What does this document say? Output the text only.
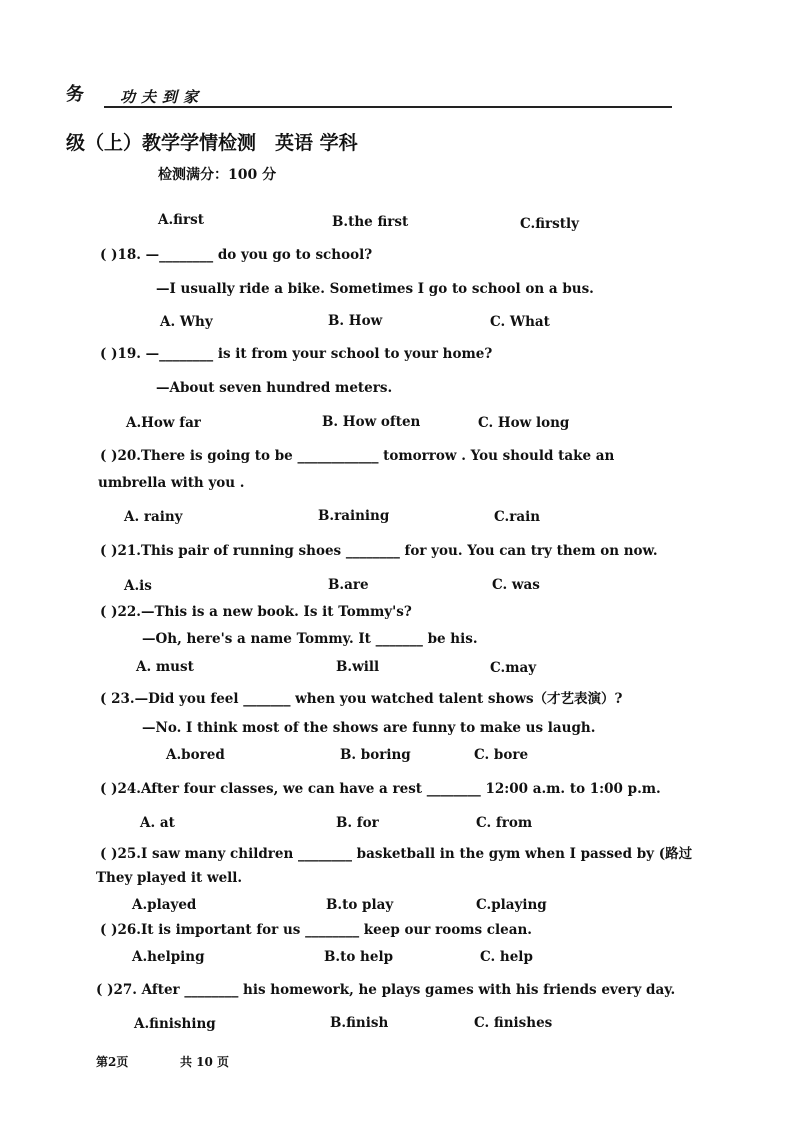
务 功夫到家
级（上）教学学情检测　英语 学科
检测满分：100 分
A.first	B.the first	C.firstly
( )18. —________ do you go to school?
—I usually ride a bike. Sometimes I go to school on a bus.
A. Why	B. How	C. What
( )19. —________ is it from your school to your home?
—About seven hundred meters.
A.How far	B. How often	C. How long
( )20.There is going to be ____________ tomorrow . You should take an
umbrella with you .
A. rainy	B.raining	C.rain
( )21.This pair of running shoes ________ for you. You can try them on now.
A.is	B.are	C. was
( )22.—This is a new book. Is it Tommy's?
—Oh, here's a name Tommy. It _______ be his.
A. must	B.will	C.may
( 23.—Did you feel _______ when you watched talent shows（才艺表演）?
—No. I think most of the shows are funny to make us laugh.
A.bored	B. boring	C. bore
( )24.After four classes, we can have a rest ________ 12:00 a.m. to 1:00 p.m.
A. at	B. for	C. from
( )25.I saw many children ________ basketball in the gym when I passed by (路过
They played it well.
A.played	B.to play	C.playing
( )26.It is important for us ________ keep our rooms clean.
A.helping	B.to help	C. help
( )27. After ________ his homework, he plays games with his friends every day.
A.finishing	B.finish	C. finishes
第2页	共 10 页
